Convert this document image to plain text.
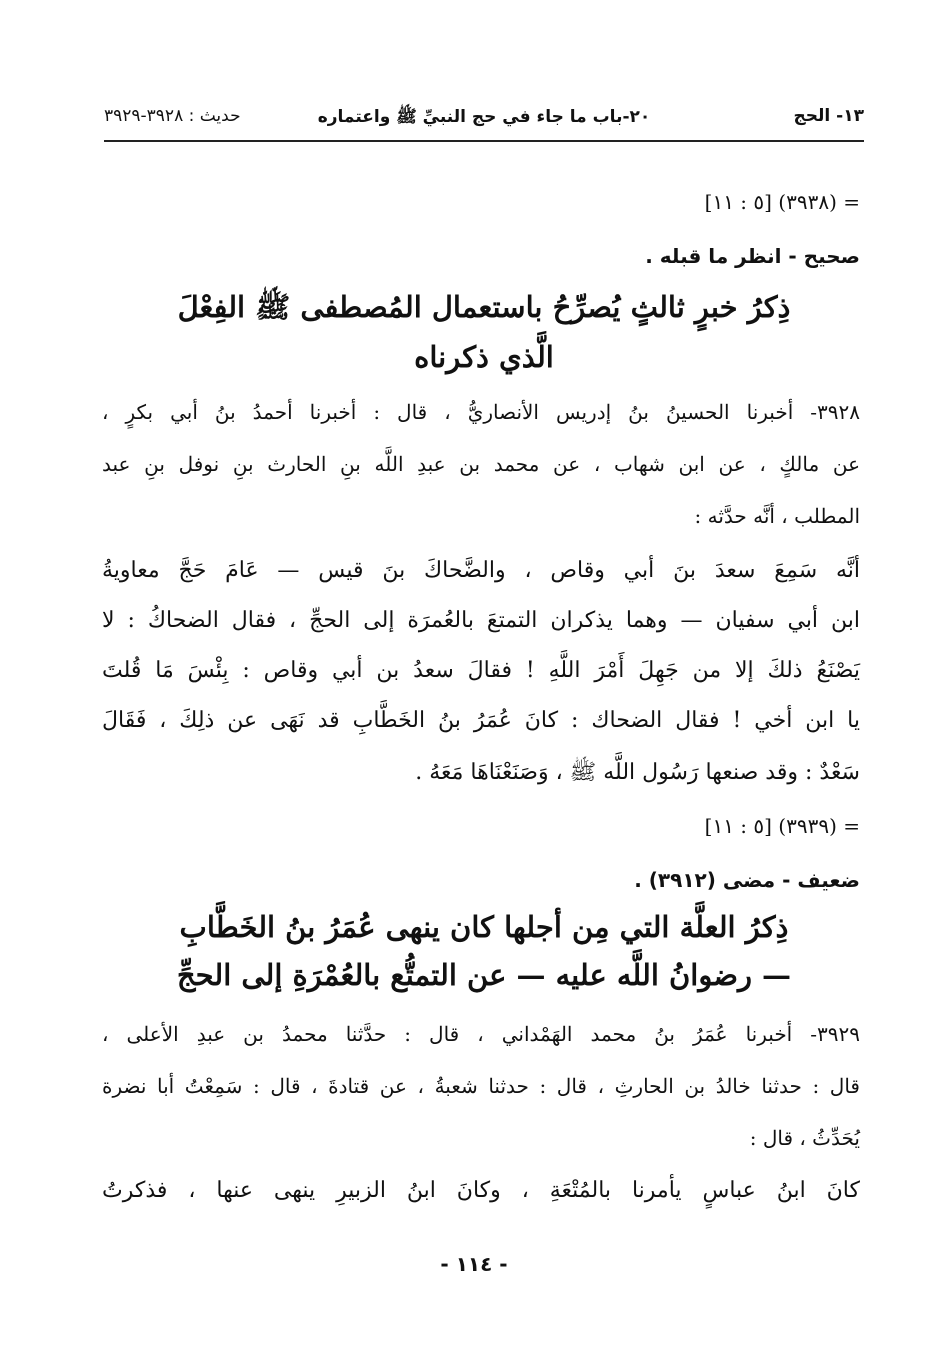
١٣- الحج
٢٠-باب ما جاء في حج النبيِّ ﷺ واعتماره
حديث : ٣٩٢٨-٣٩٢٩
= (٣٩٣٨) [٥ : ١١]
صحيح - انظر ما قبله .
ذِكرُ خبرٍ ثالثٍ يُصرِّحُ باستعمال المُصطفى ﷺ الفِعْلَ
الَّذي ذكرناه
٣٩٢٨- أخبرنا الحسينُ بنُ إدريس الأنصاريُّ ، قال : أخبرنا أحمدُ بنُ أبي بكرٍ ،
عن مالكٍ ، عن ابن شهاب ، عن محمد بن عبدِ اللَّه بنِ الحارث بنِ نوفل بنِ عبد
المطلب ، أنَّه حدَّثه :
أنَّه سَمِعَ سعدَ بنَ أبي وقاص ، والضَّحاكَ بنَ قيس — عَامَ حَجَّ معاويةُ
ابن أبي سفيان — وهما يذكران التمتعَ بالعُمرَة إلى الحجِّ ، فقال الضحاكُ : لا
يَصْنَعُ ذلكَ إلا من جَهِلَ أَمْرَ اللَّهِ ! فقالَ سعدُ بن أبي وقاص : بِئْسَ مَا قُلتَ
يا ابن أخي ! فقال الضحاك : كانَ عُمَرُ بنُ الخَطَّابِ قد نَهَى عن ذلِكَ ، فَقَالَ
سَعْدٌ : وقد صنعها رَسُول اللَّه ﷺ ، وَصَنَعْنَاهَا مَعَهُ .
= (٣٩٣٩) [٥ : ١١]
ضعيف - مضى (٣٩١٢) .
ذِكرُ العلَّة التي مِن أجلها كان ينهى عُمَرُ بنُ الخَطَّابِ
— رضوانُ اللَّه عليه — عن التمتُّع بالعُمْرَةِ إلى الحجِّ
٣٩٢٩- أخبرنا عُمَرُ بنُ محمد الهَمْداني ، قال : حدَّثنا محمدُ بن عبدِ الأعلى ،
قال : حدثنا خالدُ بن الحارثِ ، قال : حدثنا شعبةُ ، عن قتادةَ ، قال : سَمِعْتُ أبا نضرة
يُحَدِّثُ ، قال :
كانَ ابنُ عباسٍ يأمرنا بالمُتْعَةِ ، وكانَ ابنُ الزبيرِ ينهى عنها ، فذكرتُ
- ١١٤ -
